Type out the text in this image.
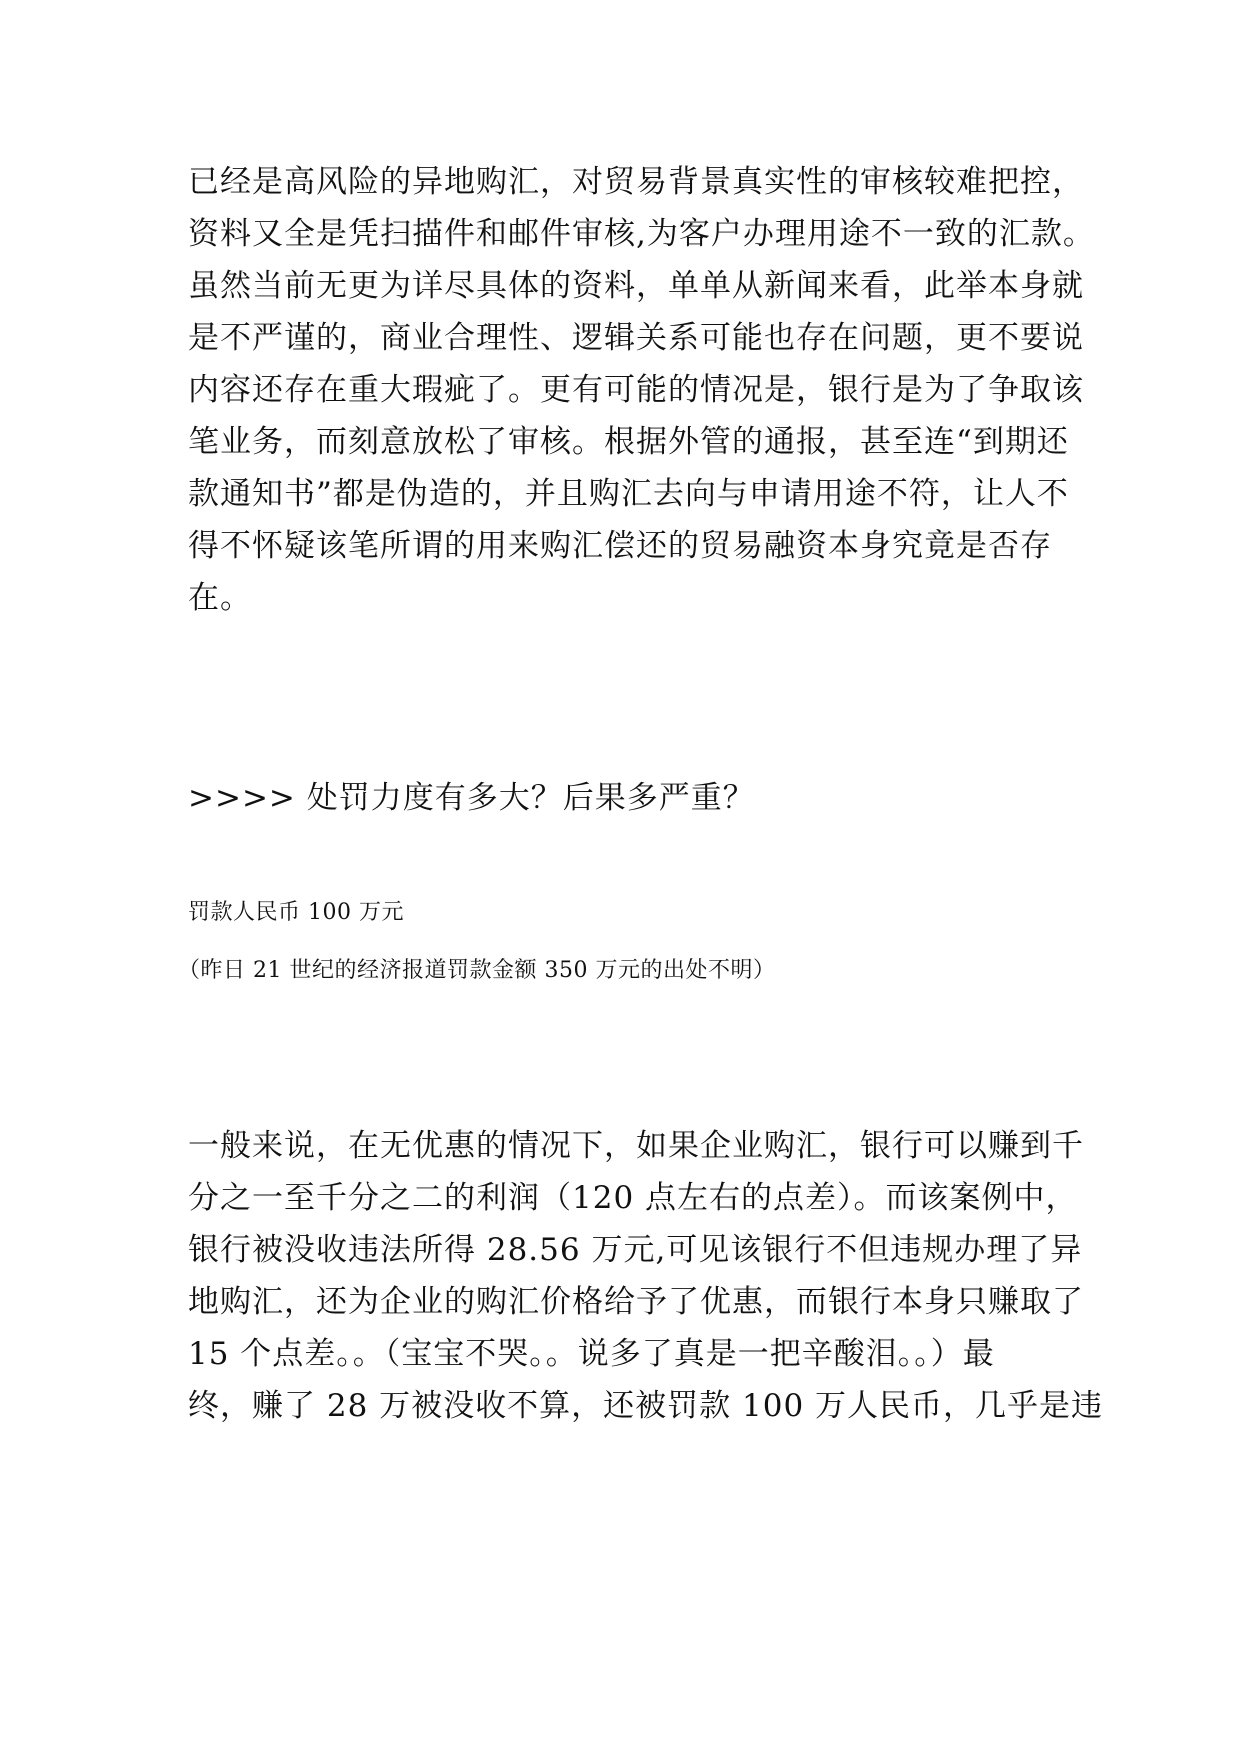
已经是高风险的异地购汇，对贸易背景真实性的审核较难把控，
资料又全是凭扫描件和邮件审核,为客户办理用途不一致的汇款。
虽然当前无更为详尽具体的资料，单单从新闻来看，此举本身就
是不严谨的，商业合理性、逻辑关系可能也存在问题，更不要说
内容还存在重大瑕疵了。更有可能的情况是，银行是为了争取该
笔业务，而刻意放松了审核。根据外管的通报，甚至连“到期还
款通知书”都是伪造的，并且购汇去向与申请用途不符，让人不
得不怀疑该笔所谓的用来购汇偿还的贸易融资本身究竟是否存
在。
>>>> 处罚力度有多大？后果多严重？
罚款人民币 100 万元
（昨日 21 世纪的经济报道罚款金额 350 万元的出处不明）
一般来说，在无优惠的情况下，如果企业购汇，银行可以赚到千
分之一至千分之二的利润（120 点左右的点差）。而该案例中，
银行被没收违法所得 28.56 万元,可见该银行不但违规办理了异
地购汇，还为企业的购汇价格给予了优惠，而银行本身只赚取了
15 个点差。。（宝宝不哭。。说多了真是一把辛酸泪。。）最
终，赚了 28 万被没收不算，还被罚款 100 万人民币，几乎是违
